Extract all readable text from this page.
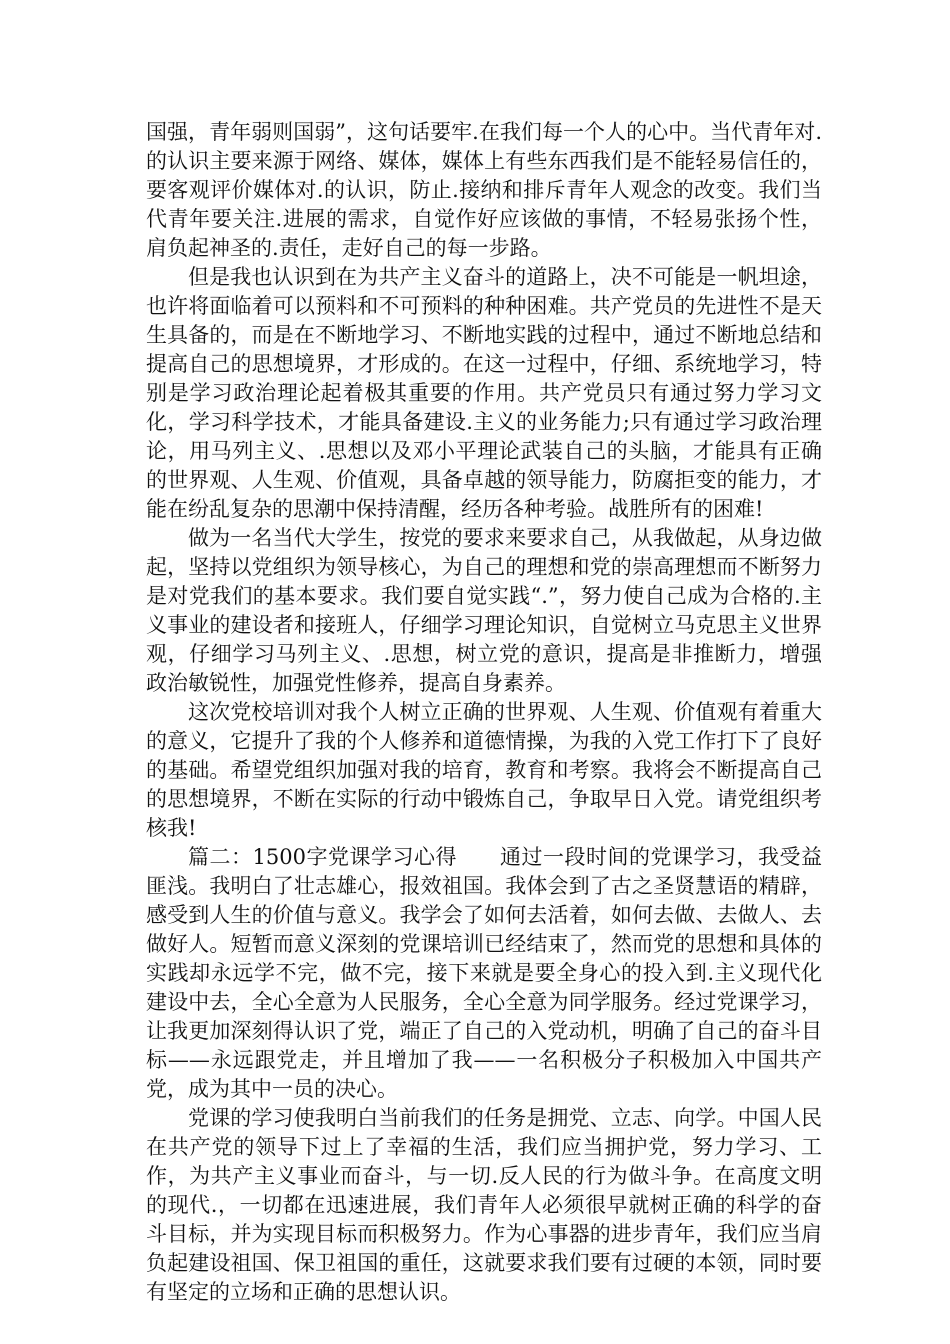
国强，青年弱则国弱”，这句话要牢.在我们每一个人的心中。当代青年对.的认识主要来源于网络、媒体，媒体上有些东西我们是不能轻易信任的，要客观评价媒体对.的认识，防止.接纳和排斥青年人观念的改变。我们当代青年要关注.进展的需求，自觉作好应该做的事情，不轻易张扬个性，肩负起神圣的.责任，走好自己的每一步路。

但是我也认识到在为共产主义奋斗的道路上，决不可能是一帆坦途，也许将面临着可以预料和不可预料的种种困难。共产党员的先进性不是天生具备的，而是在不断地学习、不断地实践的过程中，通过不断地总结和提高自己的思想境界，才形成的。在这一过程中，仔细、系统地学习，特别是学习政治理论起着极其重要的作用。共产党员只有通过努力学习文化，学习科学技术，才能具备建设.主义的业务能力;只有通过学习政治理论，用马列主义、.思想以及邓小平理论武装自己的头脑，才能具有正确的世界观、人生观、价值观，具备卓越的领导能力，防腐拒变的能力，才能在纷乱复杂的思潮中保持清醒，经历各种考验。战胜所有的困难!

做为一名当代大学生，按党的要求来要求自己，从我做起，从身边做起，坚持以党组织为领导核心，为自己的理想和党的崇高理想而不断努力是对党我们的基本要求。我们要自觉实践“.”，努力使自己成为合格的.主义事业的建设者和接班人，仔细学习理论知识，自觉树立马克思主义世界观，仔细学习马列主义、.思想，树立党的意识，提高是非推断力，增强政治敏锐性，加强党性修养，提高自身素养。

这次党校培训对我个人树立正确的世界观、人生观、价值观有着重大的意义，它提升了我的个人修养和道德情操，为我的入党工作打下了良好的基础。希望党组织加强对我的培育，教育和考察。我将会不断提高自己的思想境界，不断在实际的行动中锻炼自己，争取早日入党。请党组织考核我!

篇二：1500字党课学习心得　　通过一段时间的党课学习，我受益匪浅。我明白了壮志雄心，报效祖国。我体会到了古之圣贤慧语的精辟，感受到人生的价值与意义。我学会了如何去活着，如何去做、去做人、去做好人。短暂而意义深刻的党课培训已经结束了，然而党的思想和具体的实践却永远学不完，做不完，接下来就是要全身心的投入到.主义现代化建设中去，全心全意为人民服务，全心全意为同学服务。经过党课学习，让我更加深刻得认识了党，端正了自己的入党动机，明确了自己的奋斗目标——永远跟党走，并且增加了我——一名积极分子积极加入中国共产党，成为其中一员的决心。

党课的学习使我明白当前我们的任务是拥党、立志、向学。中国人民在共产党的领导下过上了幸福的生活，我们应当拥护党，努力学习、工作，为共产主义事业而奋斗，与一切.反人民的行为做斗争。在高度文明的现代.，一切都在迅速进展，我们青年人必须很早就树正确的科学的奋斗目标，并为实现目标而积极努力。作为心事器的进步青年，我们应当肩负起建设祖国、保卫祖国的重任，这就要求我们要有过硬的本领，同时要有坚定的立场和正确的思想认识。
